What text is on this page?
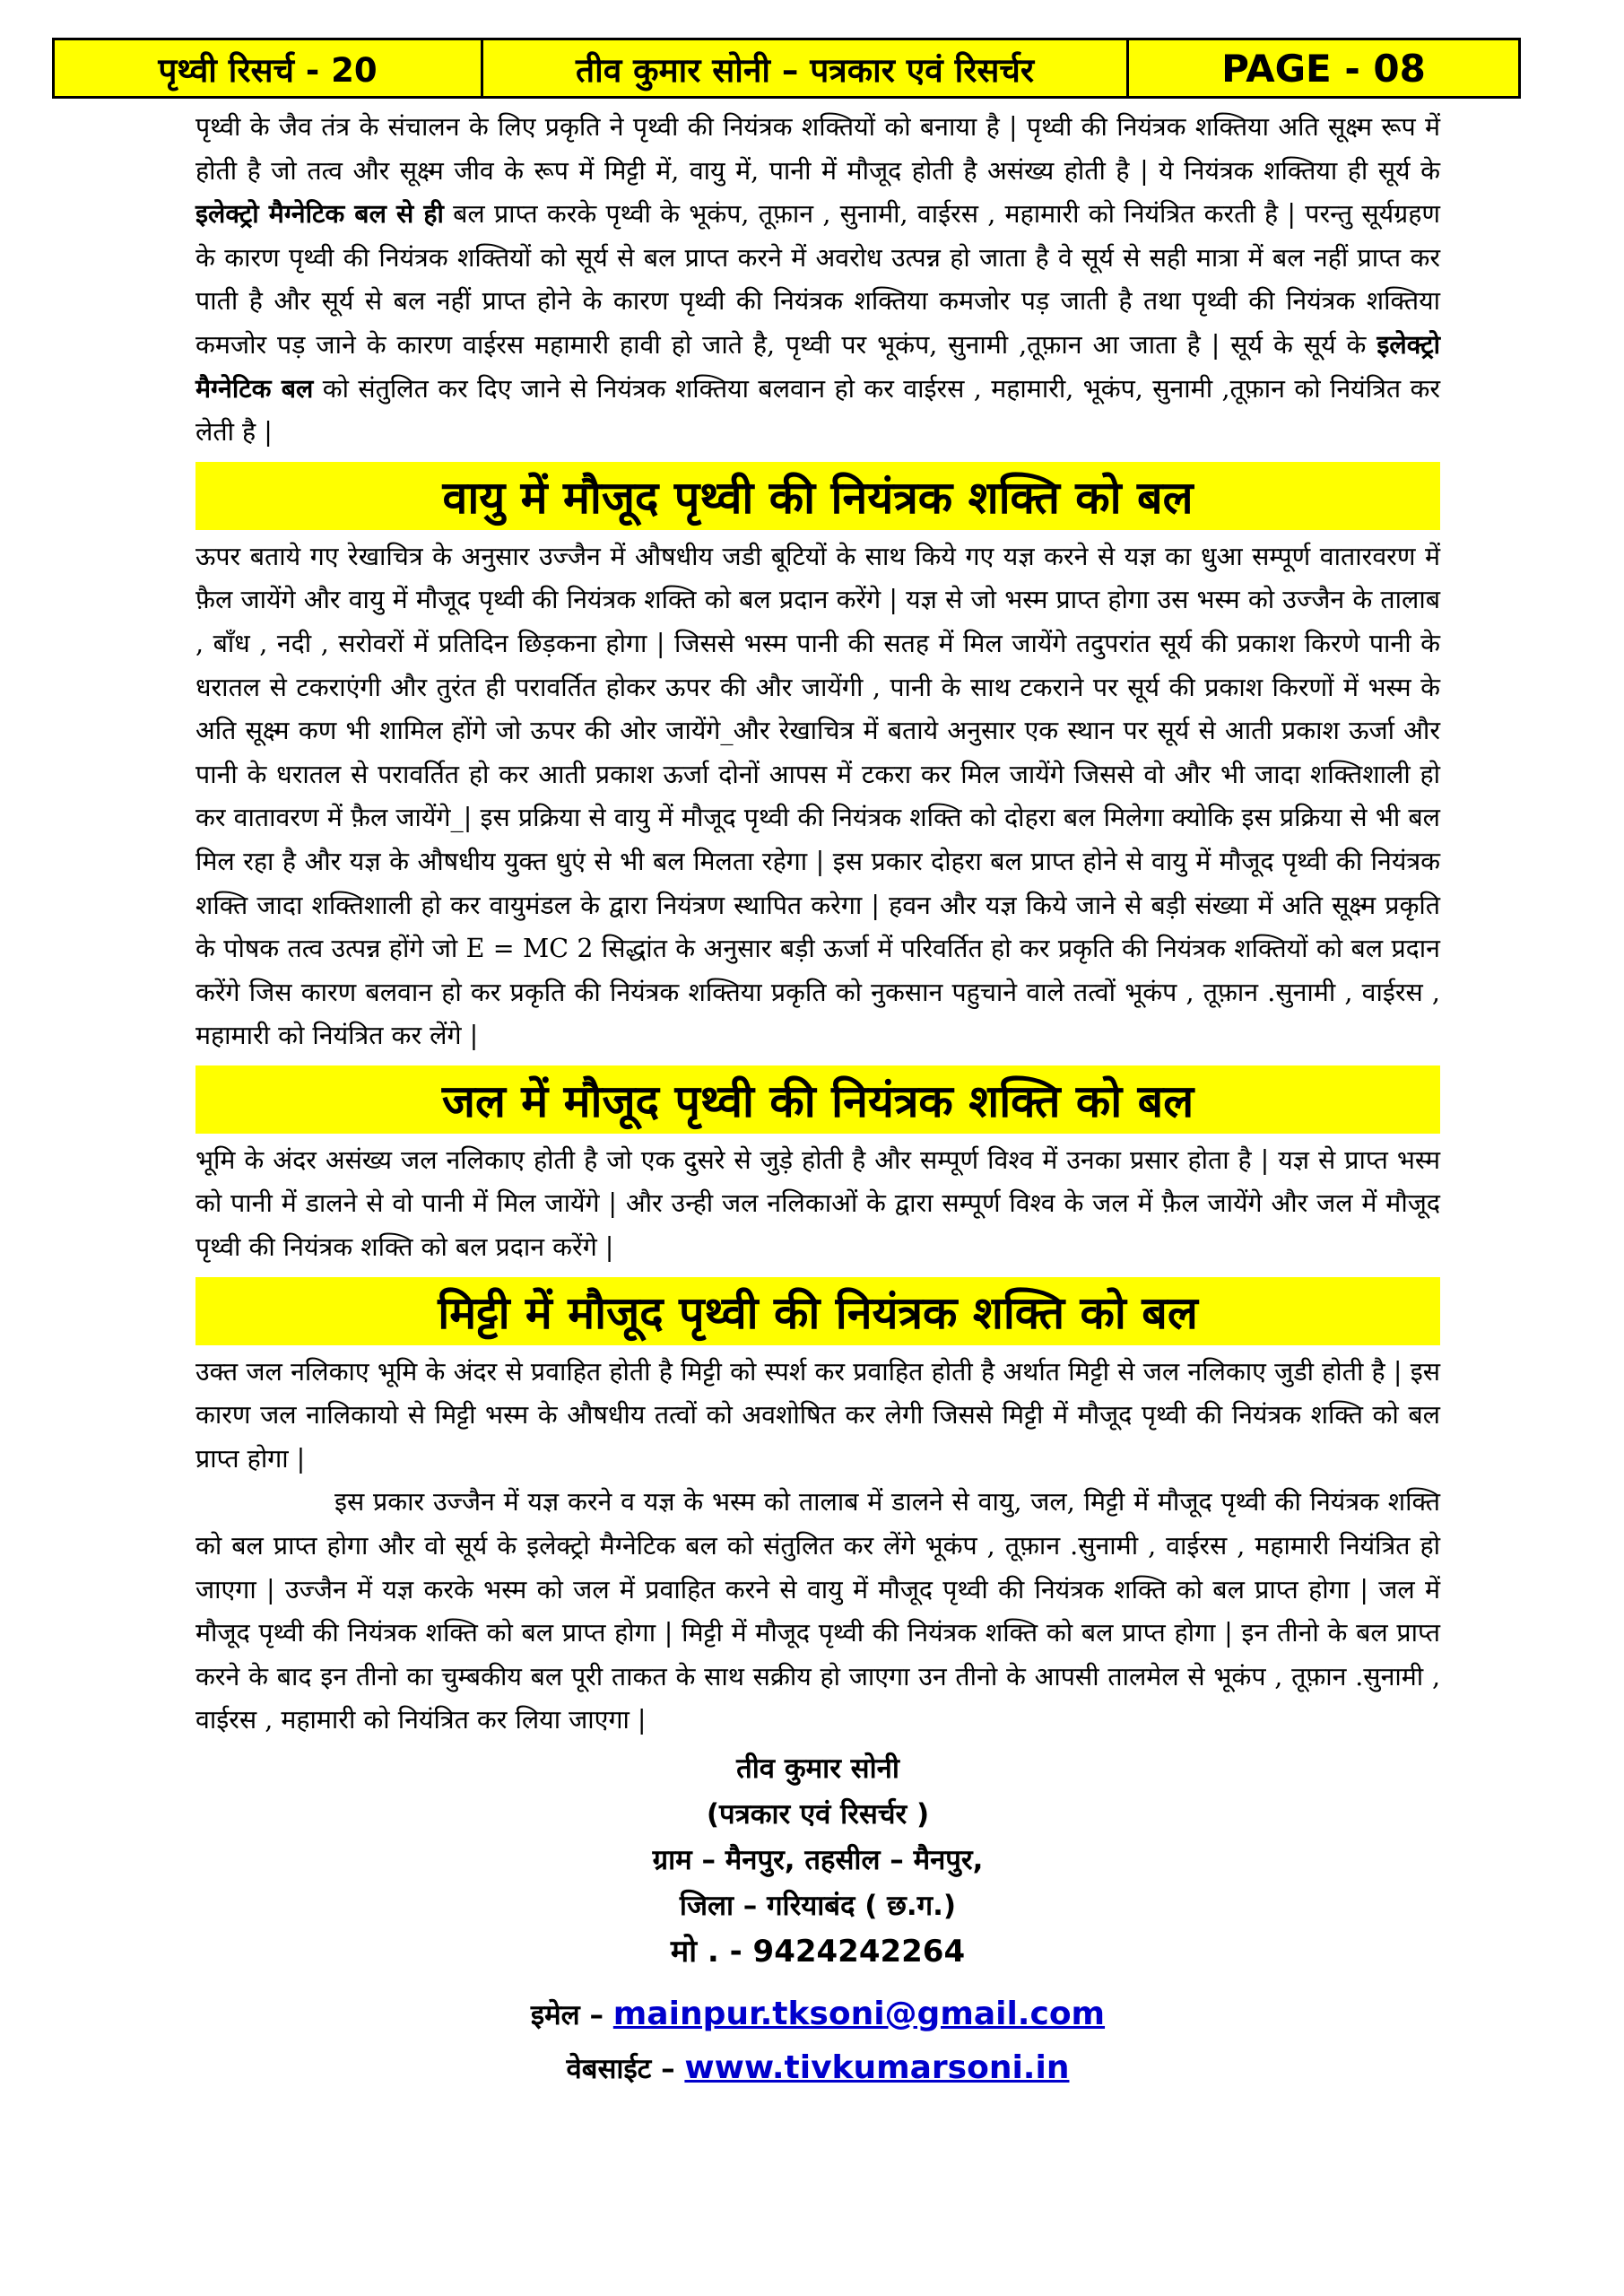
पृथ्वी रिसर्च - 20	तीव कुमार सोनी – पत्रकार एवं रिसर्चर	PAGE - 08

पृथ्वी के जैव तंत्र के संचालन के लिए प्रकृति ने पृथ्वी की नियंत्रक शक्तियों को बनाया है | पृथ्वी की नियंत्रक शक्तिया अति सूक्ष्म रूप में होती है जो तत्व और सूक्ष्म जीव के रूप में मिट्टी में, वायु में, पानी में मौजूद होती है असंख्य होती है | ये नियंत्रक शक्तिया ही सूर्य के इलेक्ट्रो मैग्नेटिक बल से ही बल प्राप्त करके पृथ्वी के भूकंप, तूफ़ान , सुनामी, वाईरस , महामारी को नियंत्रित करती है | परन्तु सूर्यग्रहण के कारण पृथ्वी की नियंत्रक शक्तियों को सूर्य से बल प्राप्त करने में अवरोध उत्पन्न हो जाता है वे सूर्य से सही मात्रा में बल नहीं प्राप्त कर पाती है और सूर्य से बल नहीं प्राप्त होने के कारण पृथ्वी की नियंत्रक शक्तिया कमजोर पड़ जाती है तथा पृथ्वी की नियंत्रक शक्तिया कमजोर पड़ जाने के कारण वाईरस महामारी हावी हो जाते है, पृथ्वी पर भूकंप, सुनामी ,तूफ़ान आ जाता है | सूर्य के सूर्य के इलेक्ट्रो मैग्नेटिक बल को संतुलित कर दिए जाने से नियंत्रक शक्तिया बलवान हो कर वाईरस , महामारी, भूकंप, सुनामी ,तूफ़ान को नियंत्रित कर लेती है |

वायु में मौजूद पृथ्वी की नियंत्रक शक्ति को बल

ऊपर बताये गए रेखाचित्र के अनुसार उज्जैन में औषधीय जडी बूटियों के साथ किये गए यज्ञ करने से यज्ञ का धुआ सम्पूर्ण वातारवरण में फ़ैल जायेंगे और वायु में मौजूद पृथ्वी की नियंत्रक शक्ति को बल प्रदान करेंगे | यज्ञ से जो भस्म प्राप्त होगा उस भस्म को उज्जैन के तालाब , बाँध , नदी , सरोवरों में प्रतिदिन छिड़कना होगा | जिससे भस्म पानी की सतह में मिल जायेंगे तदुपरांत सूर्य की प्रकाश किरणे पानी के धरातल से टकराएंगी और तुरंत ही परावर्तित होकर ऊपर की और जायेंगी , पानी के साथ टकराने पर सूर्य की प्रकाश किरणों में भस्म के अति सूक्ष्म कण भी शामिल होंगे जो ऊपर की ओर जायेंगे_और रेखाचित्र में बताये अनुसार एक स्थान पर सूर्य से आती प्रकाश ऊर्जा और पानी के धरातल से परावर्तित हो कर आती प्रकाश ऊर्जा दोनों आपस में टकरा कर मिल जायेंगे जिससे वो और भी जादा शक्तिशाली हो कर वातावरण में फ़ैल जायेंगे_| इस प्रक्रिया से वायु में मौजूद पृथ्वी की नियंत्रक शक्ति को दोहरा बल मिलेगा क्योकि इस प्रक्रिया से भी बल मिल रहा है और यज्ञ के औषधीय युक्त धुएं से भी बल मिलता रहेगा | इस प्रकार दोहरा बल प्राप्त होने से वायु में मौजूद पृथ्वी की नियंत्रक शक्ति जादा शक्तिशाली हो कर वायुमंडल के द्वारा नियंत्रण स्थापित करेगा | हवन और यज्ञ किये जाने से बड़ी संख्या में अति सूक्ष्म प्रकृति के पोषक तत्व उत्पन्न होंगे जो E = MC 2 सिद्धांत के अनुसार बड़ी ऊर्जा में परिवर्तित हो कर प्रकृति की नियंत्रक शक्तियों को बल प्रदान करेंगे जिस कारण बलवान हो कर प्रकृति की नियंत्रक शक्तिया प्रकृति को नुकसान पहुचाने वाले तत्वों भूकंप , तूफ़ान .सुनामी , वाईरस , महामारी को नियंत्रित कर लेंगे |

जल में मौजूद पृथ्वी की नियंत्रक शक्ति को बल

भूमि के अंदर असंख्य जल नलिकाए होती है जो एक दुसरे से जुड़े होती है और सम्पूर्ण विश्व में उनका प्रसार होता है | यज्ञ से प्राप्त भस्म को पानी में डालने से वो पानी में मिल जायेंगे | और उन्ही जल नलिकाओं के द्वारा सम्पूर्ण विश्व के जल में फ़ैल जायेंगे और जल में मौजूद पृथ्वी की नियंत्रक शक्ति को बल प्रदान करेंगे |

मिट्टी में मौजूद पृथ्वी की नियंत्रक शक्ति को बल

उक्त जल नलिकाए भूमि के अंदर से प्रवाहित होती है मिट्टी को स्पर्श कर प्रवाहित होती है अर्थात मिट्टी से जल नलिकाए जुडी होती है | इस कारण जल नालिकायो से मिट्टी भस्म के औषधीय तत्वों को अवशोषित कर लेगी जिससे मिट्टी में मौजूद पृथ्वी की नियंत्रक शक्ति को बल प्राप्त होगा |

इस प्रकार उज्जैन में यज्ञ करने व यज्ञ के भस्म को तालाब में डालने से वायु, जल, मिट्टी में मौजूद पृथ्वी की नियंत्रक शक्ति को बल प्राप्त होगा और वो सूर्य के इलेक्ट्रो मैग्नेटिक बल को संतुलित कर लेंगे भूकंप , तूफ़ान .सुनामी , वाईरस , महामारी नियंत्रित हो जाएगा | उज्जैन में यज्ञ करके भस्म को जल में प्रवाहित करने से वायु में मौजूद पृथ्वी की नियंत्रक शक्ति को बल प्राप्त होगा | जल में मौजूद पृथ्वी की नियंत्रक शक्ति को बल प्राप्त होगा | मिट्टी में मौजूद पृथ्वी की नियंत्रक शक्ति को बल प्राप्त होगा | इन तीनो के बल प्राप्त करने के बाद इन तीनो का चुम्बकीय बल पूरी ताकत के साथ सक्रीय हो जाएगा उन तीनो के आपसी तालमेल से भूकंप , तूफ़ान .सुनामी , वाईरस , महामारी को नियंत्रित कर लिया जाएगा |

तीव कुमार सोनी
(पत्रकार एवं रिसर्चर )
ग्राम – मैनपुर, तहसील – मैनपुर,
जिला – गरियाबंद ( छ.ग.)
मो . - 9424242264
इमेल – mainpur.tksoni@gmail.com
वेबसाईट – www.tivkumarsoni.in
